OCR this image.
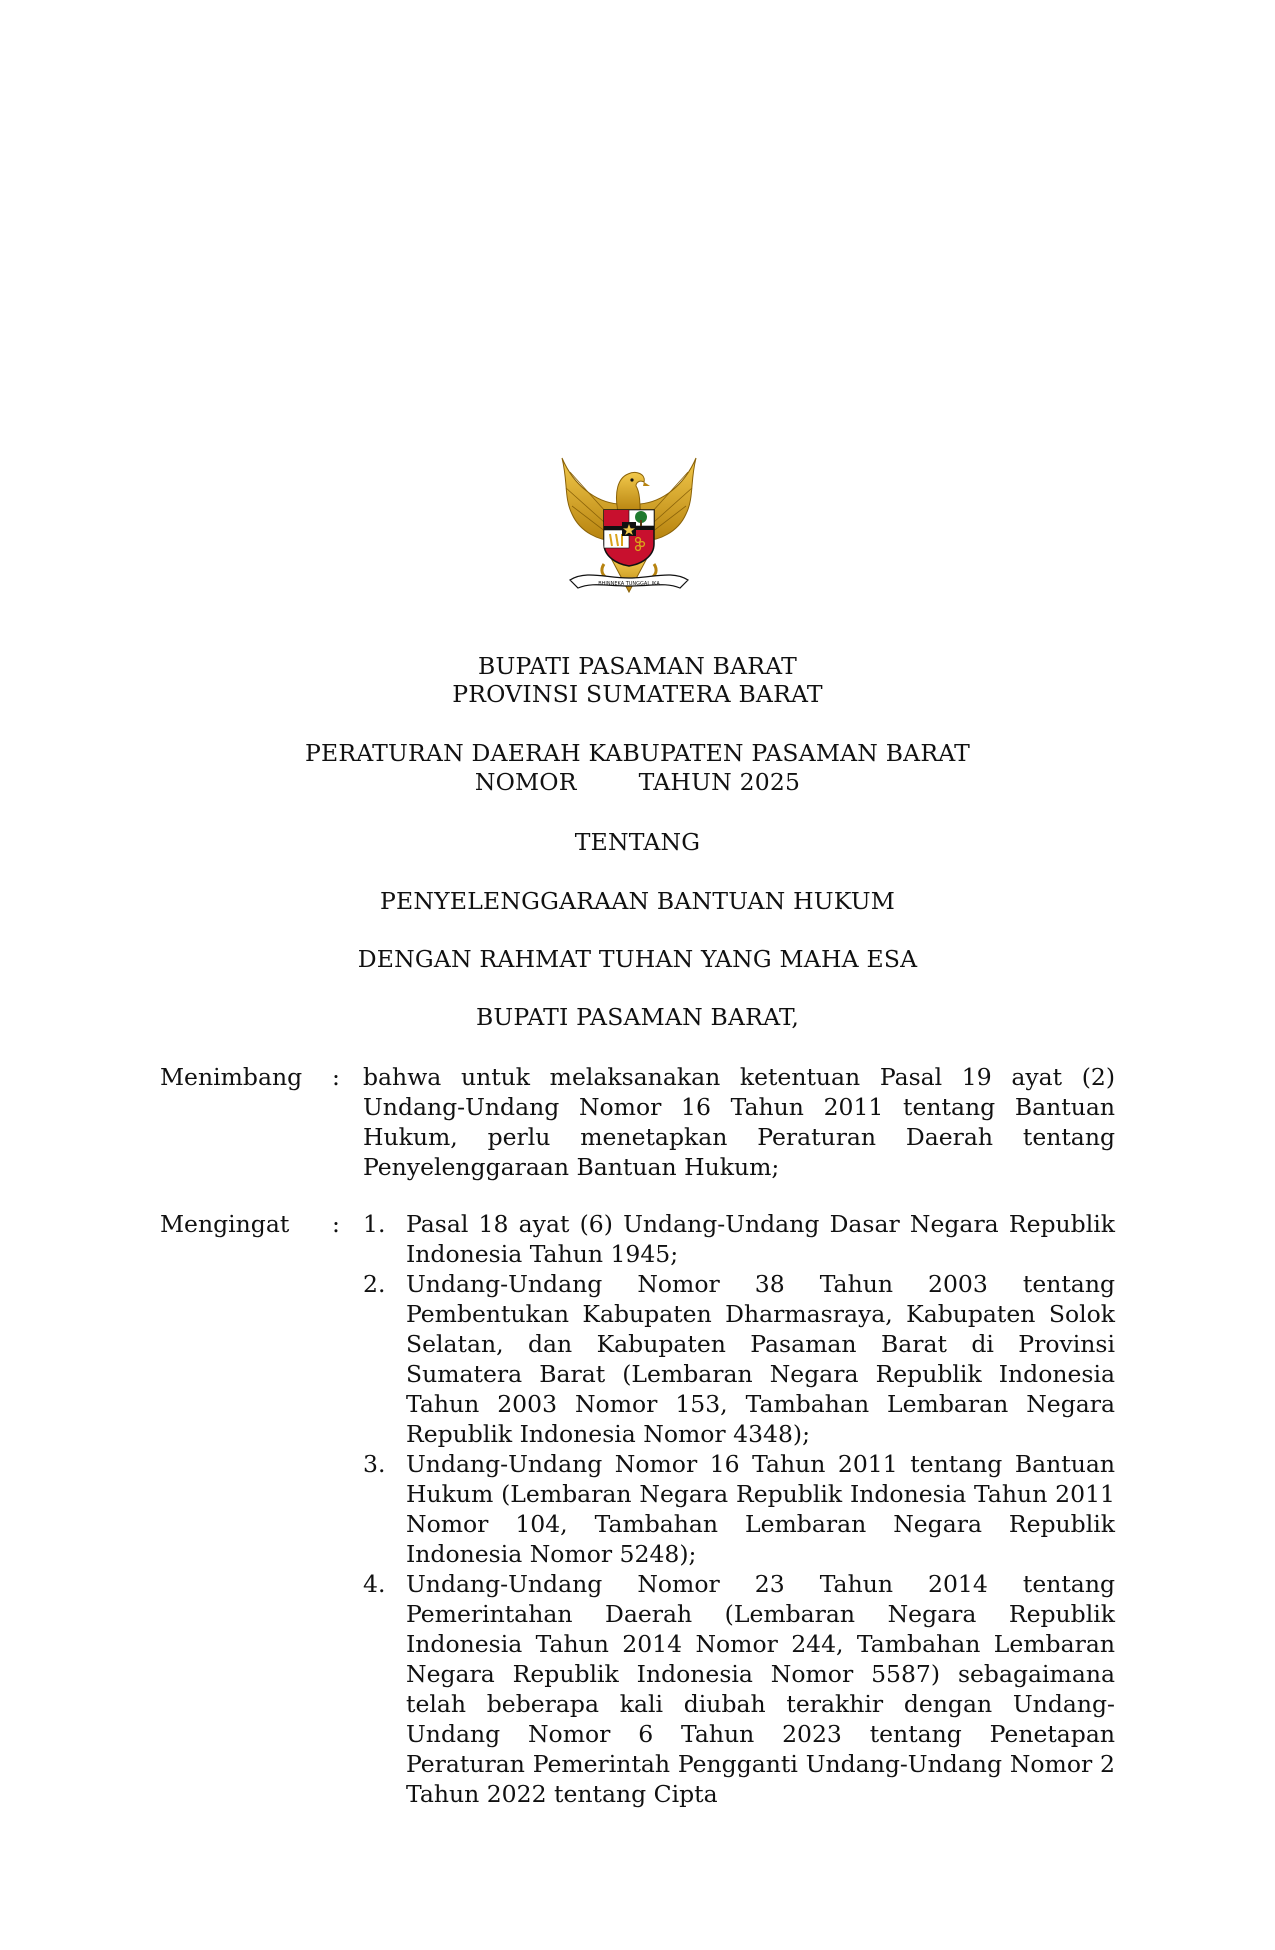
BHINNEKA TUNGGAL IKA
BUPATI PASAMAN BARAT
PROVINSI SUMATERA BARAT
PERATURAN DAERAH KABUPATEN PASAMAN BARAT
NOMOR	TAHUN 2025
TENTANG
PENYELENGGARAAN BANTUAN HUKUM
DENGAN RAHMAT TUHAN YANG MAHA ESA
BUPATI PASAMAN BARAT,
Menimbang : bahwa untuk melaksanakan ketentuan Pasal 19 ayat (2) Undang-Undang Nomor 16 Tahun 2011 tentang Bantuan Hukum, perlu menetapkan Peraturan Daerah tentang Penyelenggaraan Bantuan Hukum;
Mengingat : 1. Pasal 18 ayat (6) Undang-Undang Dasar Negara Republik Indonesia Tahun 1945;
2. Undang-Undang Nomor 38 Tahun 2003 tentang Pembentukan Kabupaten Dharmasraya, Kabupaten Solok Selatan, dan Kabupaten Pasaman Barat di Provinsi Sumatera Barat (Lembaran Negara Republik Indonesia Tahun 2003 Nomor 153, Tambahan Lembaran Negara Republik Indonesia Nomor 4348);
3. Undang-Undang Nomor 16 Tahun 2011 tentang Bantuan Hukum (Lembaran Negara Republik Indonesia Tahun 2011 Nomor 104, Tambahan Lembaran Negara Republik Indonesia Nomor 5248);
4. Undang-Undang Nomor 23 Tahun 2014 tentang Pemerintahan Daerah (Lembaran Negara Republik Indonesia Tahun 2014 Nomor 244, Tambahan Lembaran Negara Republik Indonesia Nomor 5587) sebagaimana telah beberapa kali diubah terakhir dengan Undang-Undang Nomor 6 Tahun 2023 tentang Penetapan Peraturan Pemerintah Pengganti Undang-Undang Nomor 2 Tahun 2022 tentang Cipta
